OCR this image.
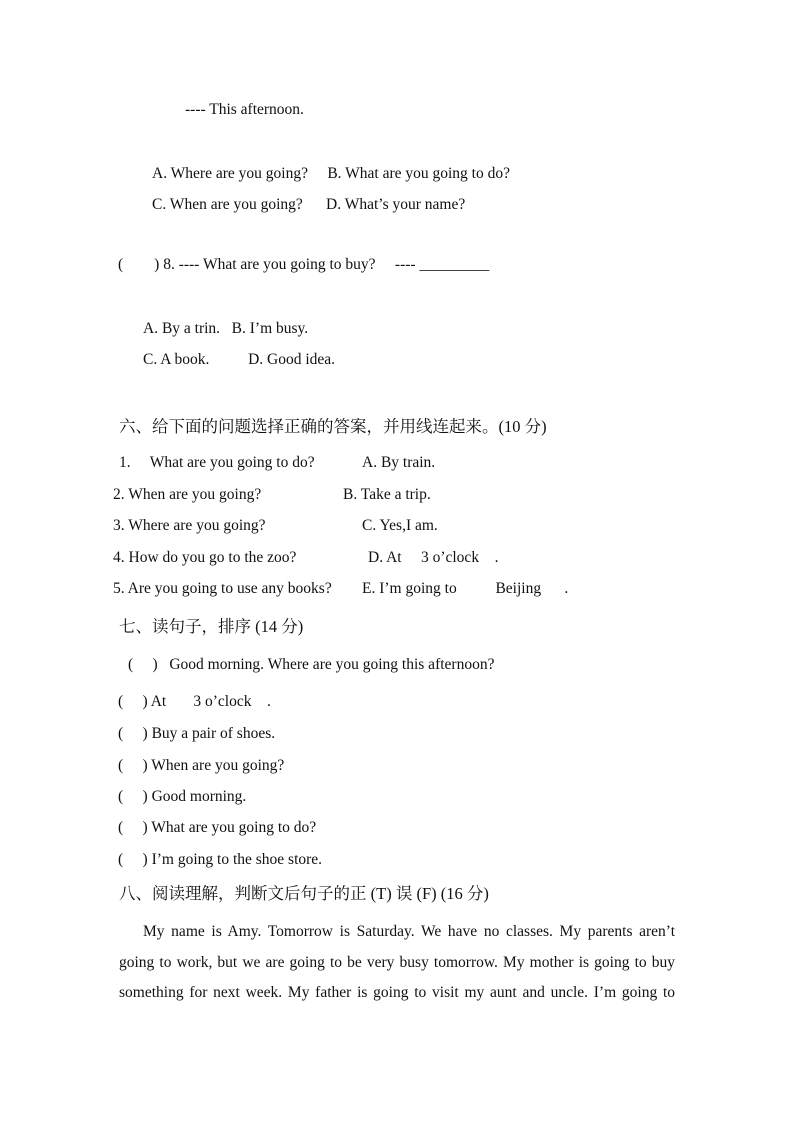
---- This afternoon.
A. Where are you going?     B. What are you going to do?
C. When are you going?      D. What’s your name?
(        ) 8. ---- What are you going to buy?     ---- _________
A. By a trin.   B. I’m busy.
C. A book.          D. Good idea.
六、给下面的问题选择正确的答案，并用线连起来。(10 分)
1.     What are you going to do?	A. By train.
2. When are you going?	B. Take a trip.
3. Where are you going?	C. Yes,I am.
4. How do you go to the zoo?	D. At     3 o’clock    .
5. Are you going to use any books? E. I’m going to          Beijing      .
七、读句子，排序 (14 分)
(     )   Good morning. Where are you going this afternoon?
(     ) At       3 o’clock    .
(     ) Buy a pair of shoes.
(     ) When are you going?
(     ) Good morning.
(     ) What are you going to do?
(     ) I’m going to the shoe store.
八、阅读理解，判断文后句子的正 (T) 误 (F) (16 分)
My name is Amy. Tomorrow is Saturday. We have no classes. My parents aren’t
going to work, but we are going to be very busy tomorrow. My mother is going to buy
something for next week. My father is going to visit my aunt and uncle. I’m going to
